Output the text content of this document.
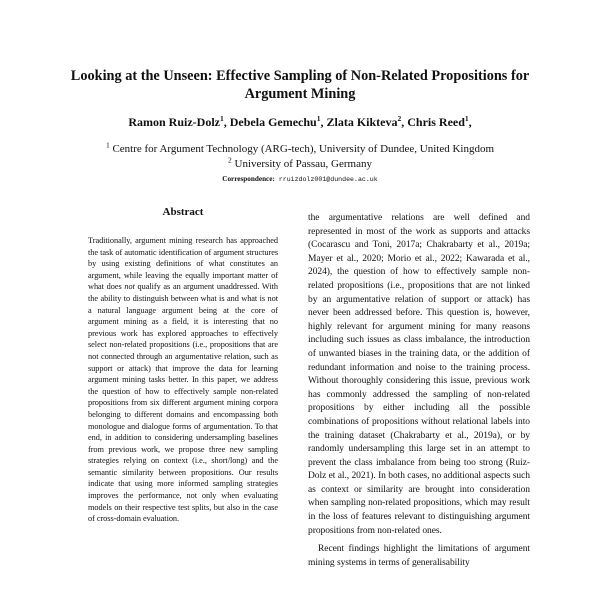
Looking at the Unseen: Effective Sampling of Non-Related Propositions for
Argument Mining
Ramon Ruiz-Dolz$^1$, Debela Gemechu$^1$, Zlata Kikteva$^2$, Chris Reed$^1$,
$^1$ Centre for Argument Technology (ARG-tech), University of Dundee, United Kingdom
$^2$ University of Passau, Germany
Correspondence: rruizdolz001@dundee.ac.uk
Abstract

Traditionally, argument mining research has approached the task of automatic identification of argument structures by using existing definitions of what constitutes an argument, while leaving the equally important matter of what does not qualify as an argument unaddressed. With the ability to distinguish between what is and what is not a natural language argument being at the core of argument mining as a field, it is interesting that no previous work has explored approaches to effectively select non-related propositions (i.e., propositions that are not connected through an argumentative relation, such as support or attack) that improve the data for learning argument mining tasks better. In this paper, we address the question of how to effectively sample non-related propositions from six different argument mining corpora belonging to different domains and encompassing both monologue and dialogue forms of argumentation. To that end, in addition to considering undersampling baselines from previous work, we propose three new sampling strategies relying on context (i.e., short/long) and the semantic similarity between propositions. Our results indicate that using more informed sampling strategies improves the performance, not only when evaluating models on their respective test splits, but also in the case of cross-domain evaluation.

the argumentative relations are well defined and represented in most of the work as supports and attacks (Cocarascu and Toni, 2017a; Chakrabarty et al., 2019a; Mayer et al., 2020; Morio et al., 2022; Kawarada et al., 2024), the question of how to effectively sample non-related propositions (i.e., propositions that are not linked by an argumentative relation of support or attack) has never been addressed before. This question is, however, highly relevant for argument mining for many reasons including such issues as class imbalance, the introduction of unwanted biases in the training data, or the addition of redundant information and noise to the training process. Without thoroughly considering this issue, previous work has commonly addressed the sampling of non-related propositions by either including all the possible combinations of propositions without relational labels into the training dataset (Chakrabarty et al., 2019a), or by randomly undersampling this large set in an attempt to prevent the class imbalance from being too strong (Ruiz-Dolz et al., 2021). In both cases, no additional aspects such as context or similarity are brought into consideration when sampling non-related propositions, which may result in the loss of features relevant to distinguishing argument propositions from non-related ones.

Recent findings highlight the limitations of argument mining systems in terms of generalisability
